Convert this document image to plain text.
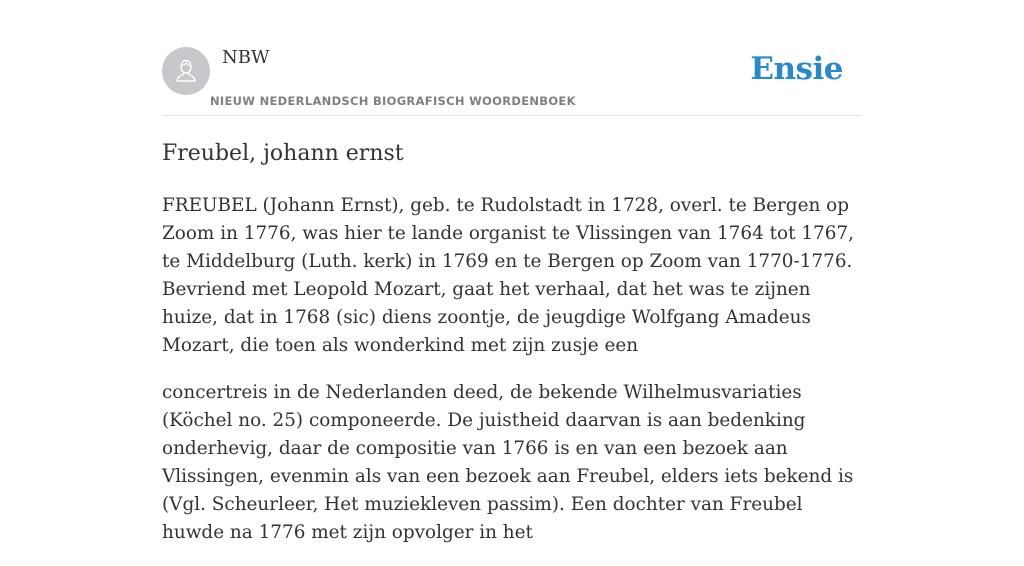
NBW
NIEUW NEDERLANDSCH BIOGRAFISCH WOORDENBOEK
Ensie
Freubel, johann ernst

FREUBEL (Johann Ernst), geb. te Rudolstadt in 1728, overl. te Bergen op Zoom in 1776, was hier te lande organist te Vlissingen van 1764 tot 1767, te Middelburg (Luth. kerk) in 1769 en te Bergen op Zoom van 1770-1776. Bevriend met Leopold Mozart, gaat het verhaal, dat het was te zijnen huize, dat in 1768 (sic) diens zoontje, de jeugdige Wolfgang Amadeus Mozart, die toen als wonderkind met zijn zusje een

concertreis in de Nederlanden deed, de bekende Wilhelmusvariaties (Köchel no. 25) componeerde. De juistheid daarvan is aan bedenking onderhevig, daar de compositie van 1766 is en van een bezoek aan Vlissingen, evenmin als van een bezoek aan Freubel, elders iets bekend is (Vgl. Scheurleer, Het muziekleven passim). Een dochter van Freubel huwde na 1776 met zijn opvolger in het
